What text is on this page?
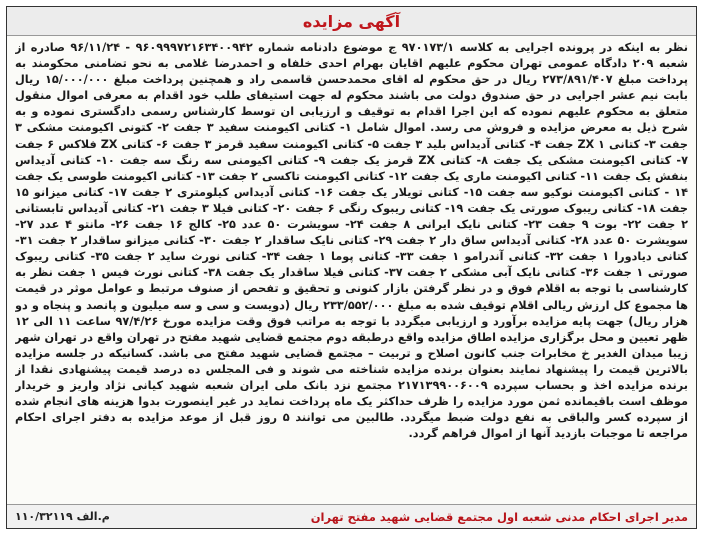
آگهی مزایده
نظر به اینکه در پرونده اجرایی به کلاسه ۹۷۰۱۷۳/۱ ج موضوع دادنامه شماره ۹۶۰۹۹۹۷۲۱۶۳۴۰۰۹۴۲ - ۹۶/۱۱/۲۴ صادره از شعبه ۲۰۹ دادگاه عمومی تهران محکوم علیهم اقایان بهرام احدی خلفاه و احمدرضا غلامی به نحو تضامنی محکومند به پرداخت مبلغ ۲۷۳/۸۹۱/۴۰۷ ریال در حق محکوم له اقای محمدحسن قاسمی راد و همچنین پرداخت مبلغ ۱۵/۰۰۰/۰۰۰ ریال بابت نیم عشر اجرایی در حق صندوق دولت می باشند محکوم له جهت استیفای طلب خود اقدام به معرفی اموال منقول متعلق به محکوم علیهم نموده که این اجرا اقدام به توقیف و ارزیابی ان توسط کارشناس رسمی دادگستری نموده و به شرح ذیل به معرض مزایده و فروش می رسد. اموال شامل ۱- کتانی اکیومنت سفید ۳ جفت ۲- کتونی اکیومنت مشکی ۳ جفت ۳- کتانی ZX ۱ جفت ۴- کتانی آدیداس بلید ۳ جفت ۵- کتانی اکیومنت سفید قرمز ۳ جفت ۶- کتانی ZX فلاکس ۶ جفت ۷- کتانی اکیومنت مشکی یک جفت ۸- کتانی ZX قرمز یک جفت ۹- کتانی اکیومنی سه رنگ سه جفت ۱۰- کتانی آدیداس بنفش یک جفت ۱۱- کتانی اکیومنت ماری یک جفت ۱۲- کتانی اکیومنت تاکسی ۲ جفت ۱۳- کتانی اکیومنت طوسی یک جفت ۱۴ - کتانی اکیومنت نوکیو سه جفت ۱۵- کتانی تویلار یک جفت ۱۶- کتانی آدیداس کیلومتری ۲ جفت ۱۷- کتانی میزانو ۱۵ جفت ۱۸- کتانی ریبوک صورتی یک جفت ۱۹- کتانی ریبوک رنگی ۶ جفت ۲۰- کتانی فیلا ۳ جفت ۲۱- کتانی آدیداس تابستانی ۲ جفت ۲۲- بوت ۹ جفت ۲۳- کتانی نایک ایرانی ۸ جفت ۲۴- سویشرت ۵۰ عدد ۲۵- کالج ۱۶ جفت ۲۶- مانتو ۴ عدد ۲۷- سویشرت ۵۰ عدد ۲۸- کتانی آدیداس ساق دار ۲ جفت ۲۹- کتانی نایک ساقدار ۲ جفت ۳۰- کتانی میزانو ساقدار ۲ جفت ۳۱- کتانی دیادورا ۱ جفت ۳۲- کتانی آندرامو ۱ جفت ۳۳- کتانی پوما ۱ جفت ۳۴- کتانی نورث ساید ۲ جفت ۳۵- کتانی ریبوک صورتی ۱ جفت ۳۶- کتانی نایک آبی مشکی ۲ جفت ۳۷- کتانی فیلا ساقدار یک جفت ۳۸- کتانی نورث فیس ۱ جفت نظر به کارشناسی با توجه به اقلام فوق و در نظر گرفتن بازار کنونی و تحقیق و تفحص از صنوف مرتبط و عوامل موثر در قیمت ها مجموع کل ارزش ریالی اقلام توقیف شده به مبلغ ۲۳۳/۵۵۲/۰۰۰ ریال (دویست و سی و سه میلیون و پانصد و پنجاه و دو هزار ریال) جهت پایه مزایده برآورد و ارزیابی میگردد با توجه به مراتب فوق وقت مزایده مورخ ۹۷/۴/۲۶ ساعت ۱۱ الی ۱۲ ظهر تعیین و محل برگزاری مزایده اطاق مزایده واقع درطبقه دوم مجتمع قضایی شهید مفتح در تهران واقع در تهران شهر زیبا میدان الغدیر خ مخابرات جنب کانون اصلاح و تربیت – مجتمع قضایی شهید مفتح می باشد. کسانیکه در جلسه مزایده بالاترین قیمت را پیشنهاد نمایند بعنوان برنده مزایده شناخته می شوند و فی المجلس ده درصد قیمت پیشنهادی نقدا از برنده مزایده اخذ و بحساب سپرده ۲۱۷۱۳۹۹۰۰۶۰۰۹ مجتمع نزد بانک ملی ایران شعبه شهید کیانی نژاد واریز و خریدار موظف است باقیمانده ثمن مورد مزایده را ظرف حداکثر یک ماه پرداخت نماید در غیر اینصورت بدوا هزینه های انجام شده از سپرده کسر والباقی به نفع دولت ضبط میگردد. طالبین می توانند ۵ روز قبل از موعد مزایده به دفتر اجرای احکام مراجعه تا موجبات بازدید آنها از اموال فراهم گردد.
مدیر اجرای احکام مدنی شعبه اول مجتمع قضایی شهید مفتح تهران
م.الف ۱۱۰/۳۲۱۱۹
